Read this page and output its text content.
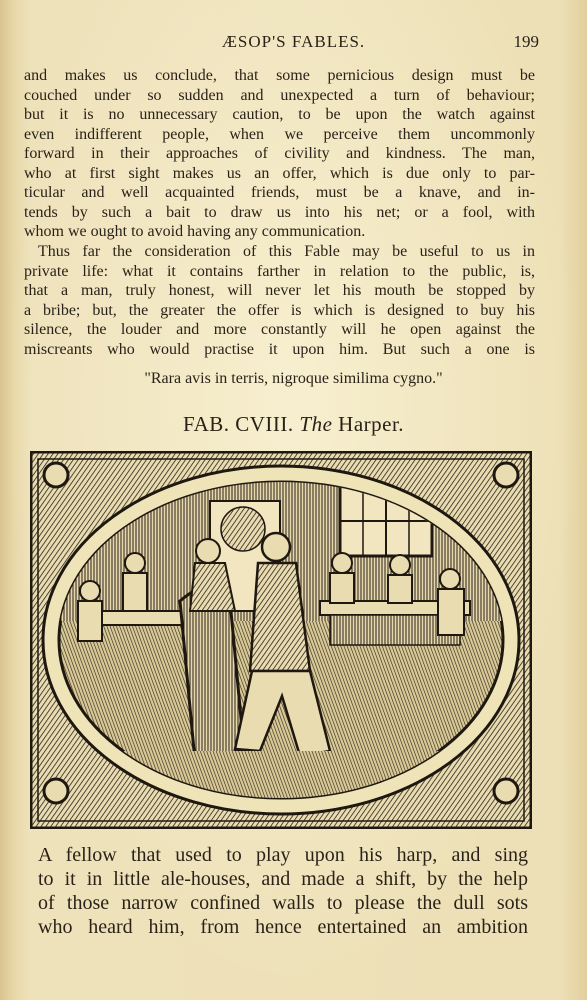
ÆSOP'S FABLES.	199

and makes us conclude, that some pernicious design must be
couched under so sudden and unexpected a turn of behaviour;
but it is no unnecessary caution, to be upon the watch against
even indifferent people, when we perceive them uncommonly
forward in their approaches of civility and kindness. The man,
who at first sight makes us an offer, which is due only to par-
ticular and well acquainted friends, must be a knave, and in-
tends by such a bait to draw us into his net; or a fool, with
whom we ought to avoid having any communication.

Thus far the consideration of this Fable may be useful to us in
private life: what it contains farther in relation to the public, is,
that a man, truly honest, will never let his mouth be stopped by
a bribe; but, the greater the offer is which is designed to buy his
silence, the louder and more constantly will he open against the
miscreants who would practise it upon him. But such a one is

"Rara avis in terris, nigroque similima cygno."
FAB. CVIII. The Harper.

A fellow that used to play upon his harp, and sing
to it in little ale-houses, and made a shift, by the help
of those narrow confined walls to please the dull sots
who heard him, from hence entertained an ambition
